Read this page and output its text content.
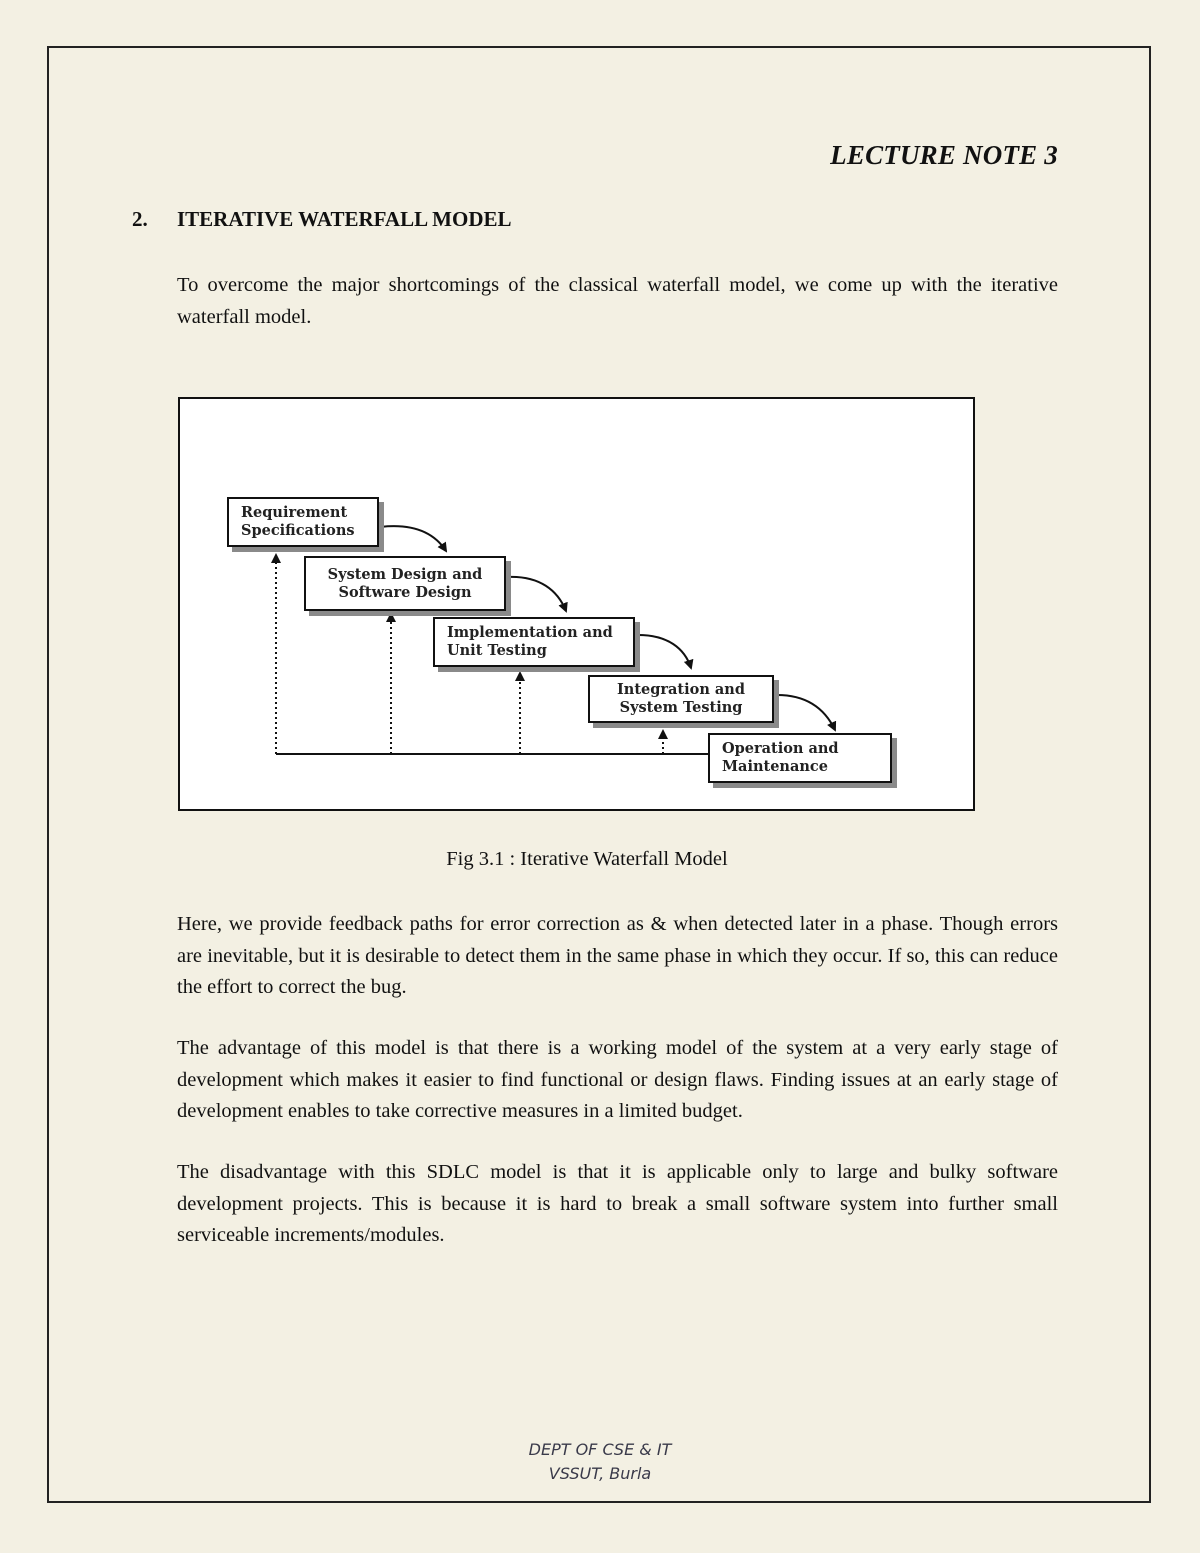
LECTURE NOTE 3
2.	ITERATIVE WATERFALL MODEL
To overcome the major shortcomings of the classical waterfall model, we come up with the iterative waterfall model.
Requirement
Specifications
System Design and
Software Design
Implementation and
Unit Testing
Integration and
System Testing
Operation and
Maintenance
Fig 3.1 : Iterative Waterfall Model
Here, we provide feedback paths for error correction as & when detected later in a phase. Though errors are inevitable, but it is desirable to detect them in the same phase in which they occur. If so, this can reduce the effort to correct the bug.
The advantage of this model is that there is a working model of the system at a very early stage of development which makes it easier to find functional or design flaws. Finding issues at an early stage of development enables to take corrective measures in a limited budget.
The disadvantage with this SDLC model is that it is applicable only to large and bulky software development projects. This is because it is hard to break a small software system into further small serviceable increments/modules.
DEPT OF CSE & IT
VSSUT, Burla
